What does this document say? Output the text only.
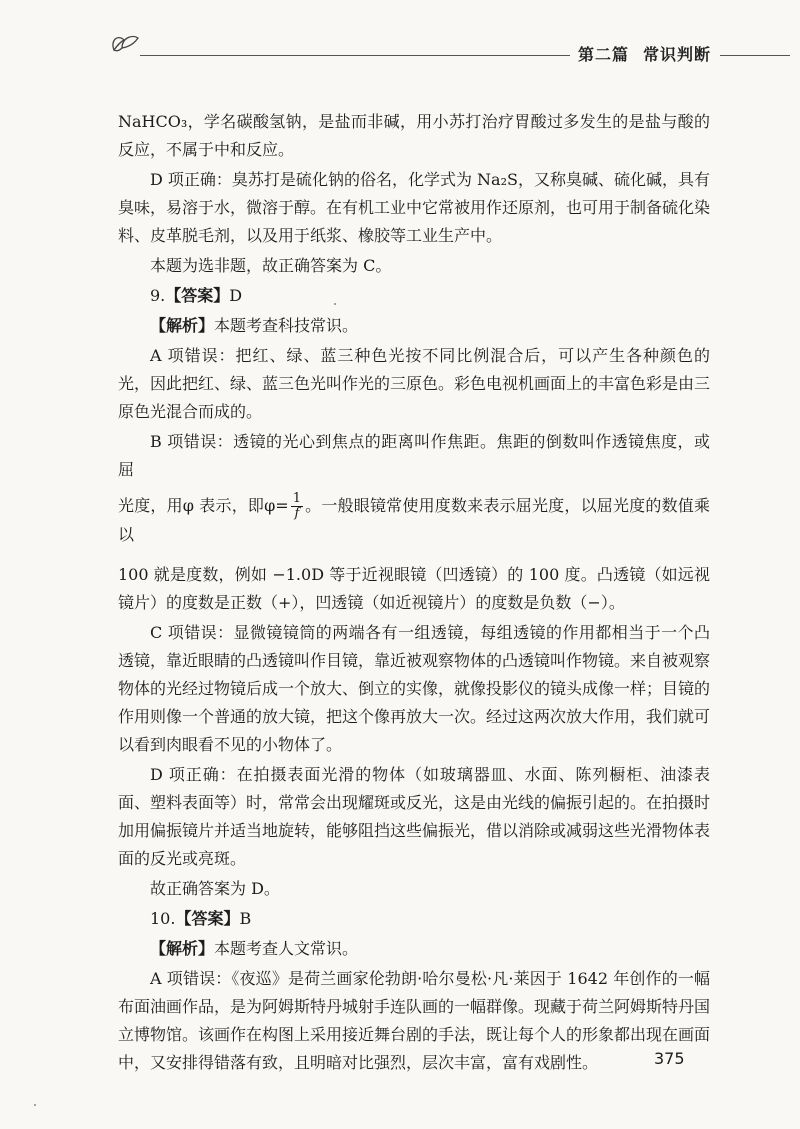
第二篇 常识判断

NaHCO₃，学名碳酸氢钠，是盐而非碱，用小苏打治疗胃酸过多发生的是盐与酸的反应，不属于中和反应。

D 项正确：臭苏打是硫化钠的俗名，化学式为 Na₂S，又称臭碱、硫化碱，具有臭味，易溶于水，微溶于醇。在有机工业中它常被用作还原剂，也可用于制备硫化染料、皮革脱毛剂，以及用于纸浆、橡胶等工业生产中。

本题为选非题，故正确答案为 C。

9.【答案】D

【解析】本题考查科技常识。

A 项错误：把红、绿、蓝三种色光按不同比例混合后，可以产生各种颜色的光，因此把红、绿、蓝三色光叫作光的三原色。彩色电视机画面上的丰富色彩是由三原色光混合而成的。

B 项错误：透镜的光心到焦点的距离叫作焦距。焦距的倒数叫作透镜焦度，或屈

光度，用φ 表示，即$\varphi= \frac{1}{f}$ 。一般眼镜常使用度数来表示屈光度，以屈光度的数值乘以

100 就是度数，例如 −1.0D 等于近视眼镜（凹透镜）的 100 度。凸透镜（如远视镜片）的度数是正数（+），凹透镜（如近视镜片）的度数是负数（−）。

C 项错误：显微镜镜筒的两端各有一组透镜，每组透镜的作用都相当于一个凸透镜，靠近眼睛的凸透镜叫作目镜，靠近被观察物体的凸透镜叫作物镜。来自被观察物体的光经过物镜后成一个放大、倒立的实像，就像投影仪的镜头成像一样；目镜的作用则像一个普通的放大镜，把这个像再放大一次。经过这两次放大作用，我们就可以看到肉眼看不见的小物体了。

D 项正确：在拍摄表面光滑的物体（如玻璃器皿、水面、陈列橱柜、油漆表面、塑料表面等）时，常常会出现耀斑或反光，这是由光线的偏振引起的。在拍摄时加用偏振镜片并适当地旋转，能够阻挡这些偏振光，借以消除或减弱这些光滑物体表面的反光或亮斑。

故正确答案为 D。

10.【答案】B

【解析】本题考查人文常识。

A 项错误：《夜巡》是荷兰画家伦勃朗·哈尔曼松·凡·莱因于 1642 年创作的一幅布面油画作品，是为阿姆斯特丹城射手连队画的一幅群像。现藏于荷兰阿姆斯特丹国立博物馆。该画作在构图上采用接近舞台剧的手法，既让每个人的形象都出现在画面中，又安排得错落有致，且明暗对比强烈，层次丰富，富有戏剧性。	375
